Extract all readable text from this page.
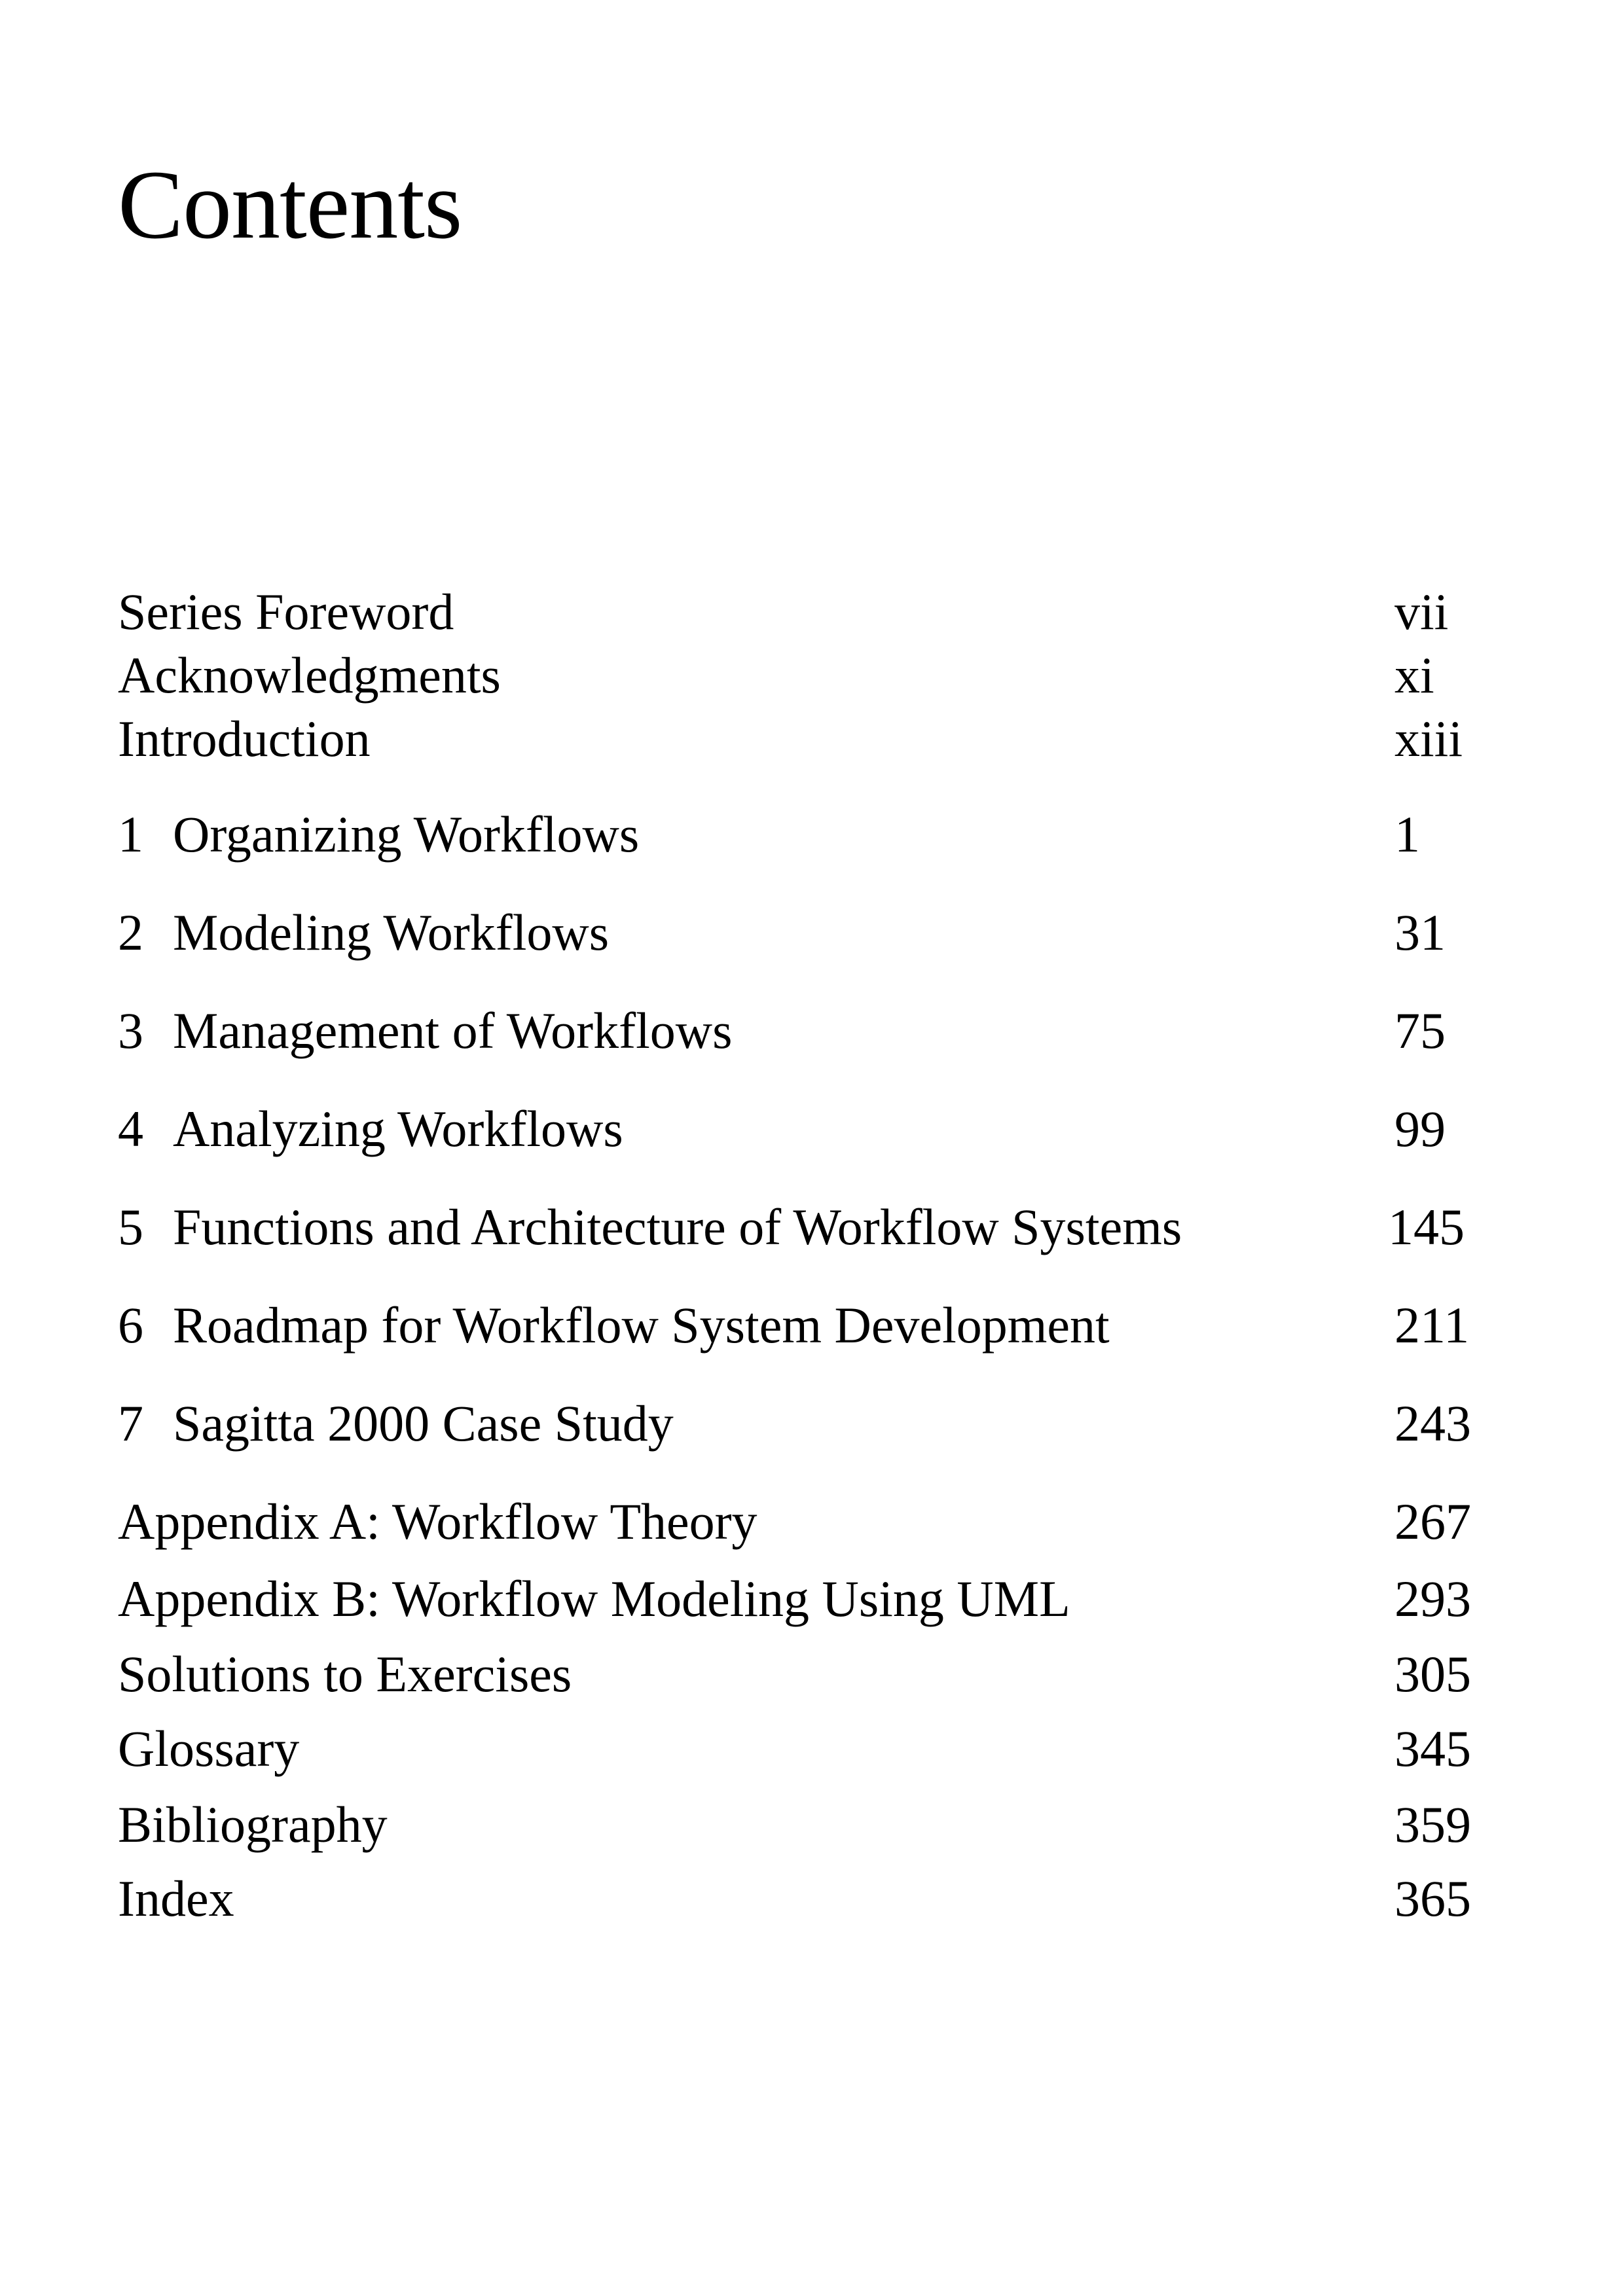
Contents
Series Foreword	vii
Acknowledgments	xi
Introduction	xiii
1 Organizing Workflows	1
2 Modeling Workflows	31
3 Management of Workflows	75
4 Analyzing Workflows	99
5 Functions and Architecture of Workflow Systems	145
6 Roadmap for Workflow System Development	211
7 Sagitta 2000 Case Study	243
Appendix A: Workflow Theory	267
Appendix B: Workflow Modeling Using UML	293
Solutions to Exercises	305
Glossary	345
Bibliography	359
Index	365
